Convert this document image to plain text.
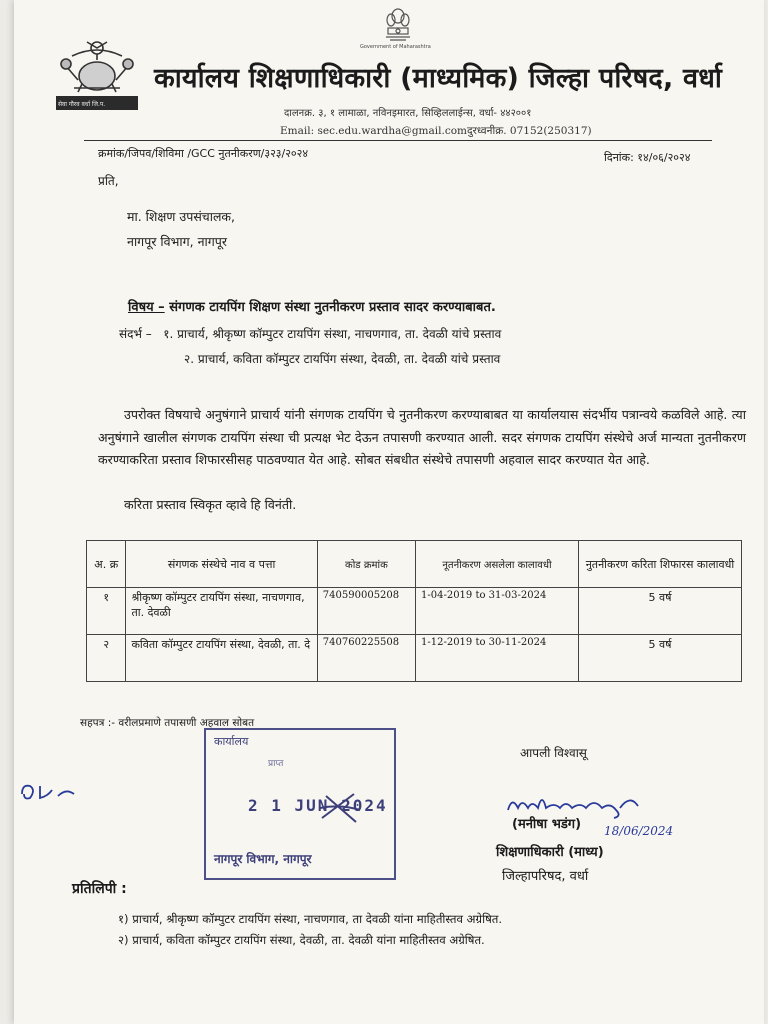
Government of Maharashtra
सेवा गौरव वर्धा जि.प.
कार्यालय शिक्षणाधिकारी (माध्यमिक) जिल्हा परिषद, वर्धा
दालनक्र. ३, १ लामाळा, नविनइमारत, सिव्हिललाईन्स, वर्धा- ४४२००१
Email: sec.edu.wardha@gmail.comदुरध्वनीक्र. 07152(250317)
क्रमांक/जिपव/शिविमा /GCC नुतनीकरण/३२३/२०२४	दिनांक: १४/०६/२०२४
प्रति,
मा. शिक्षण उपसंचालक,
नागपूर विभाग, नागपूर
विषय – संगणक टायपिंग शिक्षण संस्था नुतनीकरण प्रस्ताव सादर करण्याबाबत.
संदर्भ – १. प्राचार्य, श्रीकृष्ण कॉम्पुटर टायपिंग संस्था, नाचणगाव, ता. देवळी यांचे प्रस्ताव
२. प्राचार्य, कविता कॉम्पुटर टायपिंग संस्था, देवळी, ता. देवळी यांचे प्रस्ताव

उपरोक्त विषयाचे अनुषंगाने प्राचार्य यांनी संगणक टायपिंग चे नुतनीकरण करण्याबाबत या कार्यालयास संदर्भीय पत्रान्वये कळविले आहे. त्या अनुषंगाने खालील संगणक टायपिंग संस्था ची प्रत्यक्ष भेट देऊन तपासणी करण्यात आली. सदर संगणक टायपिंग संस्थेचे अर्ज मान्यता नुतनीकरण करण्याकरिता प्रस्ताव शिफारसीसह पाठवण्यात येत आहे. सोबत संबधीत संस्थेचे तपासणी अहवाल सादर करण्यात येत आहे.

करिता प्रस्ताव स्विकृत व्हावे हि विनंती.
अ. क्र	संगणक संस्थेचे नाव व पत्ता	कोड क्रमांक	नूतनीकरण असलेला कालावधी	नुतनीकरण करिता शिफारस कालावधी
१	श्रीकृष्ण कॉम्पुटर टायपिंग संस्था, नाचणगाव, ता. देवळी	740590005208	1-04-2019 to 31-03-2024	5 वर्ष
२	कविता कॉम्पुटर टायपिंग संस्था, देवळी, ता. दे	740760225508	1-12-2019 to 30-11-2024	5 वर्ष
सहपत्र :- वरीलप्रमाणे तपासणी अहवाल सोबत
कार्यालय
प्राप्त
2 1 JUN 2024
नागपूर विभाग, नागपूर
आपली विश्वासू
(मनीषा भडंग) 18/06/2024
शिक्षणाधिकारी (माध्य)
जिल्हापरिषद, वर्धा
प्रतिलिपी :
१) प्राचार्य, श्रीकृष्ण कॉम्पुटर टायपिंग संस्था, नाचणगाव, ता देवळी यांना माहितीस्तव अग्रेषित.
२) प्राचार्य, कविता कॉम्पुटर टायपिंग संस्था, देवळी, ता. देवळी यांना माहितीस्तव अग्रेषित.
